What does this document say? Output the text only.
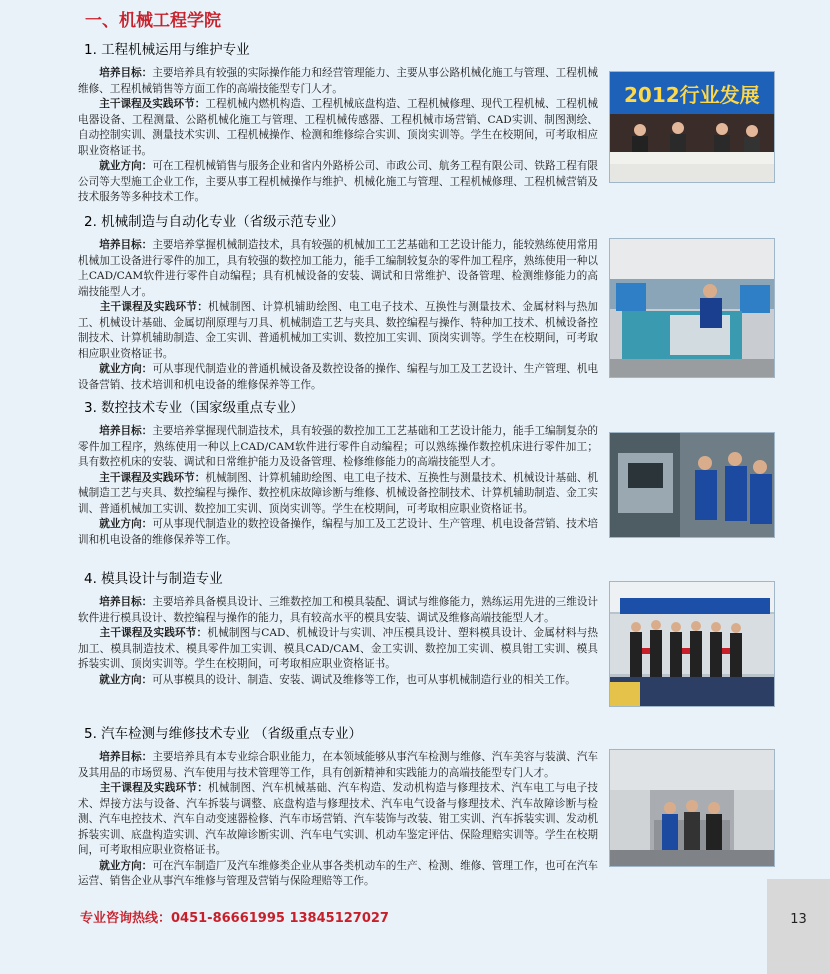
一、机械工程学院
1. 工程机械运用与维护专业

　　培养目标：主要培养具有较强的实际操作能力和经营管理能力、主要从事公路机械化施工与管理、工程机械维修、工程机械销售等方面工作的高端技能型专门人才。

　　主干课程及实践环节：工程机械内燃机构造、工程机械底盘构造、工程机械修理、现代工程机械、工程机械电器设备、工程测量、公路机械化施工与管理、工程机械传感器、工程机械市场营销、CAD实训、制图测绘、自动控制实训、测量技术实训、工程机械操作、检测和维修综合实训、顶岗实训等。学生在校期间，可考取相应职业资格证书。

　　就业方向：可在工程机械销售与服务企业和省内外路桥公司、市政公司、航务工程有限公司、铁路工程有限公司等大型施工企业工作，主要从事工程机械操作与维护、机械化施工与管理、工程机械修理、工程机械营销及技术服务等多种技术工作。

2. 机械制造与自动化专业（省级示范专业）

　　培养目标：主要培养掌握机械制造技术，具有较强的机械加工工艺基础和工艺设计能力，能较熟练使用常用机械加工设备进行零件的加工，具有较强的数控加工能力，能手工编制较复杂的零件加工程序，熟练使用一种以上CAD/CAM软件进行零件自动编程；具有机械设备的安装、调试和日常维护、设备管理、检测维修能力的高端技能型人才。

　　主干课程及实践环节：机械制图、计算机辅助绘图、电工电子技术、互换性与测量技术、金属材料与热加工、机械设计基础、金属切削原理与刀具、机械制造工艺与夹具、数控编程与操作、特种加工技术、机械设备控制技术、计算机辅助制造、金工实训、普通机械加工实训、数控加工实训、顶岗实训等。学生在校期间，可考取相应职业资格证书。

　　就业方向：可从事现代制造业的普通机械设备及数控设备的操作、编程与加工及工艺设计、生产管理、机电设备营销、技术培训和机电设备的维修保养等工作。

3. 数控技术专业（国家级重点专业）

　　培养目标：主要培养掌握现代制造技术，具有较强的数控加工工艺基础和工艺设计能力，能手工编制复杂的零件加工程序，熟练使用一种以上CAD/CAM软件进行零件自动编程；可以熟练操作数控机床进行零件加工；具有数控机床的安装、调试和日常维护能力及设备管理、检修维修能力的高端技能型人才。

　　主干课程及实践环节：机械制图、计算机辅助绘图、电工电子技术、互换性与测量技术、机械设计基础、机械制造工艺与夹具、数控编程与操作、数控机床故障诊断与维修、机械设备控制技术、计算机辅助制造、金工实训、普通机械加工实训、数控加工实训、顶岗实训等。学生在校期间，可考取相应职业资格证书。

　　就业方向：可从事现代制造业的数控设备操作，编程与加工及工艺设计、生产管理、机电设备营销、技术培训和机电设备的维修保养等工作。

4. 模具设计与制造专业

　　培养目标：主要培养具备模具设计、三维数控加工和模具装配、调试与维修能力，熟练运用先进的三维设计软件进行模具设计、数控编程与操作的能力，具有较高水平的模具安装、调试及维修高端技能型人才。

　　主干课程及实践环节：机械制图与CAD、机械设计与实训、冲压模具设计、塑料模具设计、金属材料与热加工、模具制造技术、模具零件加工实训、模具CAD/CAM、金工实训、数控加工实训、模具钳工实训、模具拆装实训、顶岗实训等。学生在校期间，可考取相应职业资格证书。

　　就业方向：可从事模具的设计、制造、安装、调试及维修等工作，也可从事机械制造行业的相关工作。

5. 汽车检测与维修技术专业 （省级重点专业）

　　培养目标：主要培养具有本专业综合职业能力，在本领域能够从事汽车检测与维修、汽车美容与装潢、汽车及其用品的市场贸易、汽车使用与技术管理等工作，具有创新精神和实践能力的高端技能型专门人才。

　　主干课程及实践环节：机械制图、汽车机械基础、汽车构造、发动机构造与修理技术、汽车电工与电子技术、焊接方法与设备、汽车拆装与调整、底盘构造与修理技术、汽车电气设备与修理技术、汽车故障诊断与检测、汽车电控技术、汽车自动变速器检修、汽车市场营销、汽车装饰与改装、钳工实训、汽车拆装实训、发动机拆装实训、底盘构造实训、汽车故障诊断实训、汽车电气实训、机动车鉴定评估、保险理赔实训等。学生在校期间，可考取相应职业资格证书。

　　就业方向：可在汽车制造厂及汽车维修类企业从事各类机动车的生产、检测、维修、管理工作，也可在汽车运营、销售企业从事汽车维修与管理及营销与保险理赔等工作。

2012行业发展
专业咨询热线：0451-86661995 13845127027	13
